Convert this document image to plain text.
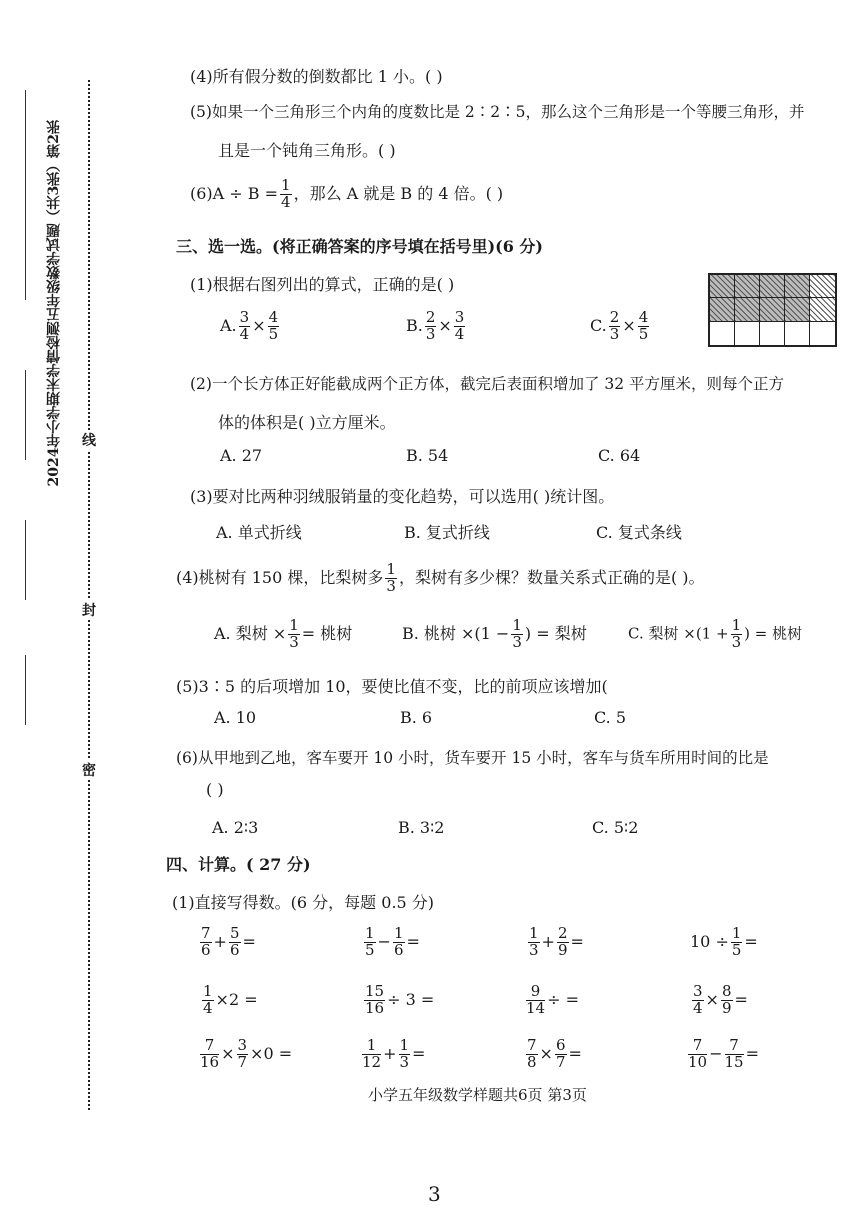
2024年小学期末学情检测五年级数学试题（共3张）第2张 线
封
密
(4)所有假分数的倒数都比 1 小。( )
(5)如果一个三角形三个内角的度数比是 2∶2∶5，那么这个三角形是一个等腰三角形，并
且是一个钝角三角形。( )
$(6)A \div B = \frac{1}{4}$ ，那么 A 就是 B 的 4 倍。( )
三、选一选。(将正确答案的序号填在括号里)(6 分)
(1)根据右图列出的算式，正确的是( )
A. $\frac{3}{4} \times \frac{4}{5}$	B. $\frac{2}{3} \times \frac{3}{4}$	C. $\frac{2}{3} \times \frac{4}{5}$
(2)一个长方体正好能截成两个正方体，截完后表面积增加了 32 平方厘米，则每个正方
体的体积是( )立方厘米。
A. 27	B. 54	C. 64
(3)要对比两种羽绒服销量的变化趋势，可以选用( )统计图。
A. 单式折线	B. 复式折线	C. 复式条线
(4)桃树有 150 棵，比梨树多 $\frac{1}{3}$ ，梨树有多少棵？数量关系式正确的是( )。
A. 梨树 × $\frac{1}{3}$ = 桃树	B. 桃树 $\times(1 - \frac{1}{3}$ ) = 梨树	C. 梨树 $\times(1 + \frac{1}{3}$ ) = 桃树
(5)3∶5 的后项增加 10，要使比值不变，比的前项应该增加(
A. 10	B. 6	C. 5
(6)从甲地到乙地，客车要开 10 小时，货车要开 15 小时，客车与货车所用时间的比是
( )
A. 2∶3	B. 3∶2	C. 5∶2
四、计算。( 27 分)
(1)直接写得数。(6 分，每题 0.5 分)
$\frac{7}{6} + \frac{5}{6}$ =	$\frac{1}{5} - \frac{1}{6}$ =	$\frac{1}{3} + \frac{2}{9}$ =	$10 \div \frac{1}{5}$ =
$\frac{1}{4} \times 2$ =	$\frac{15}{16} \div 3$ =	$\frac{9}{14}$ ÷ =	$\frac{3}{4} \times \frac{8}{9}$ =
$\frac{7}{16} \times \frac{3}{7} \times 0$ =	$\frac{1}{12} + \frac{1}{3}$ =	$\frac{7}{8} \times \frac{6}{7}$ =	$\frac{7}{10} - \frac{7}{15}$ =
小学五年级数学样题共6页 第3页
3
